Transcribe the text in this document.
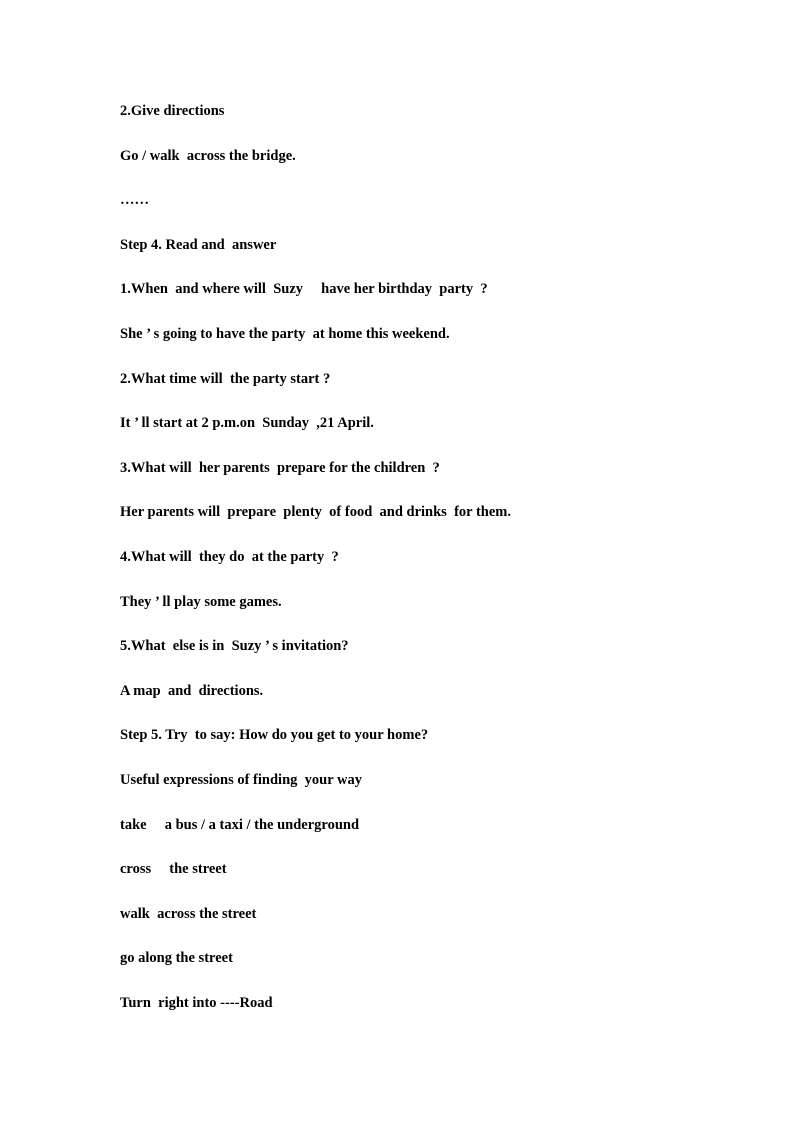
2.Give directions

Go / walk  across the bridge.

……

Step 4. Read and  answer

1.When  and where will  Suzy     have her birthday  party  ?

She ’ s going to have the party  at home this weekend.

2.What time will  the party start ?

It ’ ll start at 2 p.m.on  Sunday  ,21 April.

3.What will  her parents  prepare for the children  ?

Her parents will  prepare  plenty  of food  and drinks  for them.

4.What will  they do  at the party  ?

They ’ ll play some games.

5.What  else is in  Suzy ’ s invitation?

A map  and  directions.

Step 5. Try  to say: How do you get to your home?

Useful expressions of finding  your way

take     a bus / a taxi / the underground

cross     the street

walk  across the street

go along the street

Turn  right into ----Road
